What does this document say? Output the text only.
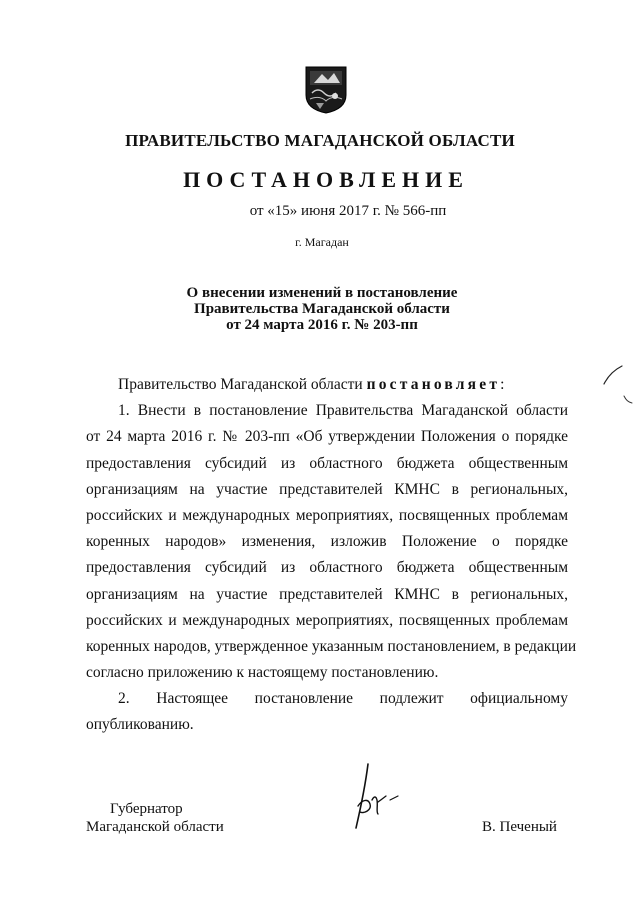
ПРАВИТЕЛЬСТВО МАГАДАНСКОЙ ОБЛАСТИ
ПОСТАНОВЛЕНИЕ
от «15» июня 2017 г. № 566-пп
г. Магадан
О внесении изменений в постановление
Правительства Магаданской области
от 24 марта 2016 г. № 203-пп
Правительство Магаданской области постановляет:
1. Внести в постановление Правительства Магаданской области
от 24 марта 2016 г. № 203-пп «Об утверждении Положения о порядке
предоставления субсидий из областного бюджета общественным
организациям на участие представителей КМНС в региональных,
российских и международных мероприятиях, посвященных проблемам
коренных народов» изменения, изложив Положение о порядке
предоставления субсидий из областного бюджета общественным
организациям на участие представителей КМНС в региональных,
российских и международных мероприятиях, посвященных проблемам
коренных народов, утвержденное указанным постановлением, в редакции
согласно приложению к настоящему постановлению.
2. Настоящее постановление подлежит официальному
опубликованию.
Губернатор
Магаданской области	В. Печеный
